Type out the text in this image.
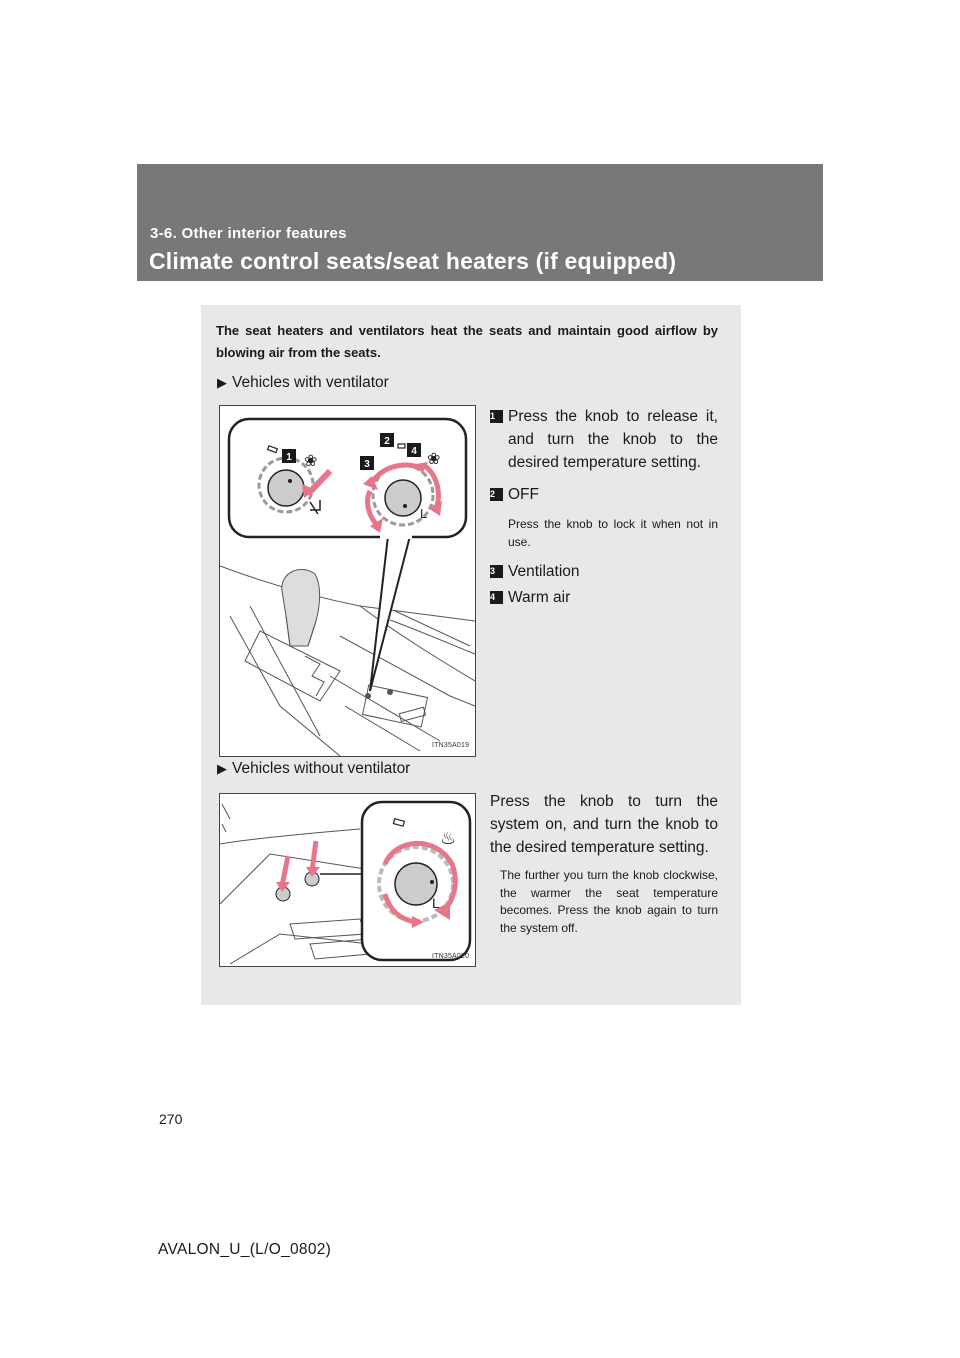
3-6. Other interior features
Climate control seats/seat heaters (if equipped)
The seat heaters and ventilators heat the seats and maintain good airflow by blowing air from the seats.
▶ Vehicles with ventilator
❀	❀
L
1
2
3
4
ITN35A019
1 Press the knob to release it, and turn the knob to the desired temperature setting.
2 OFF
Press the knob to lock it when not in use.
3 Ventilation
4 Warm air
▶ Vehicles without ventilator
♨
L
ITN35A020
Press the knob to turn the system on, and turn the knob to the desired temperature setting.
The further you turn the knob clockwise, the warmer the seat temperature becomes. Press the knob again to turn the system off.
270
AVALON_U_(L/O_0802)
